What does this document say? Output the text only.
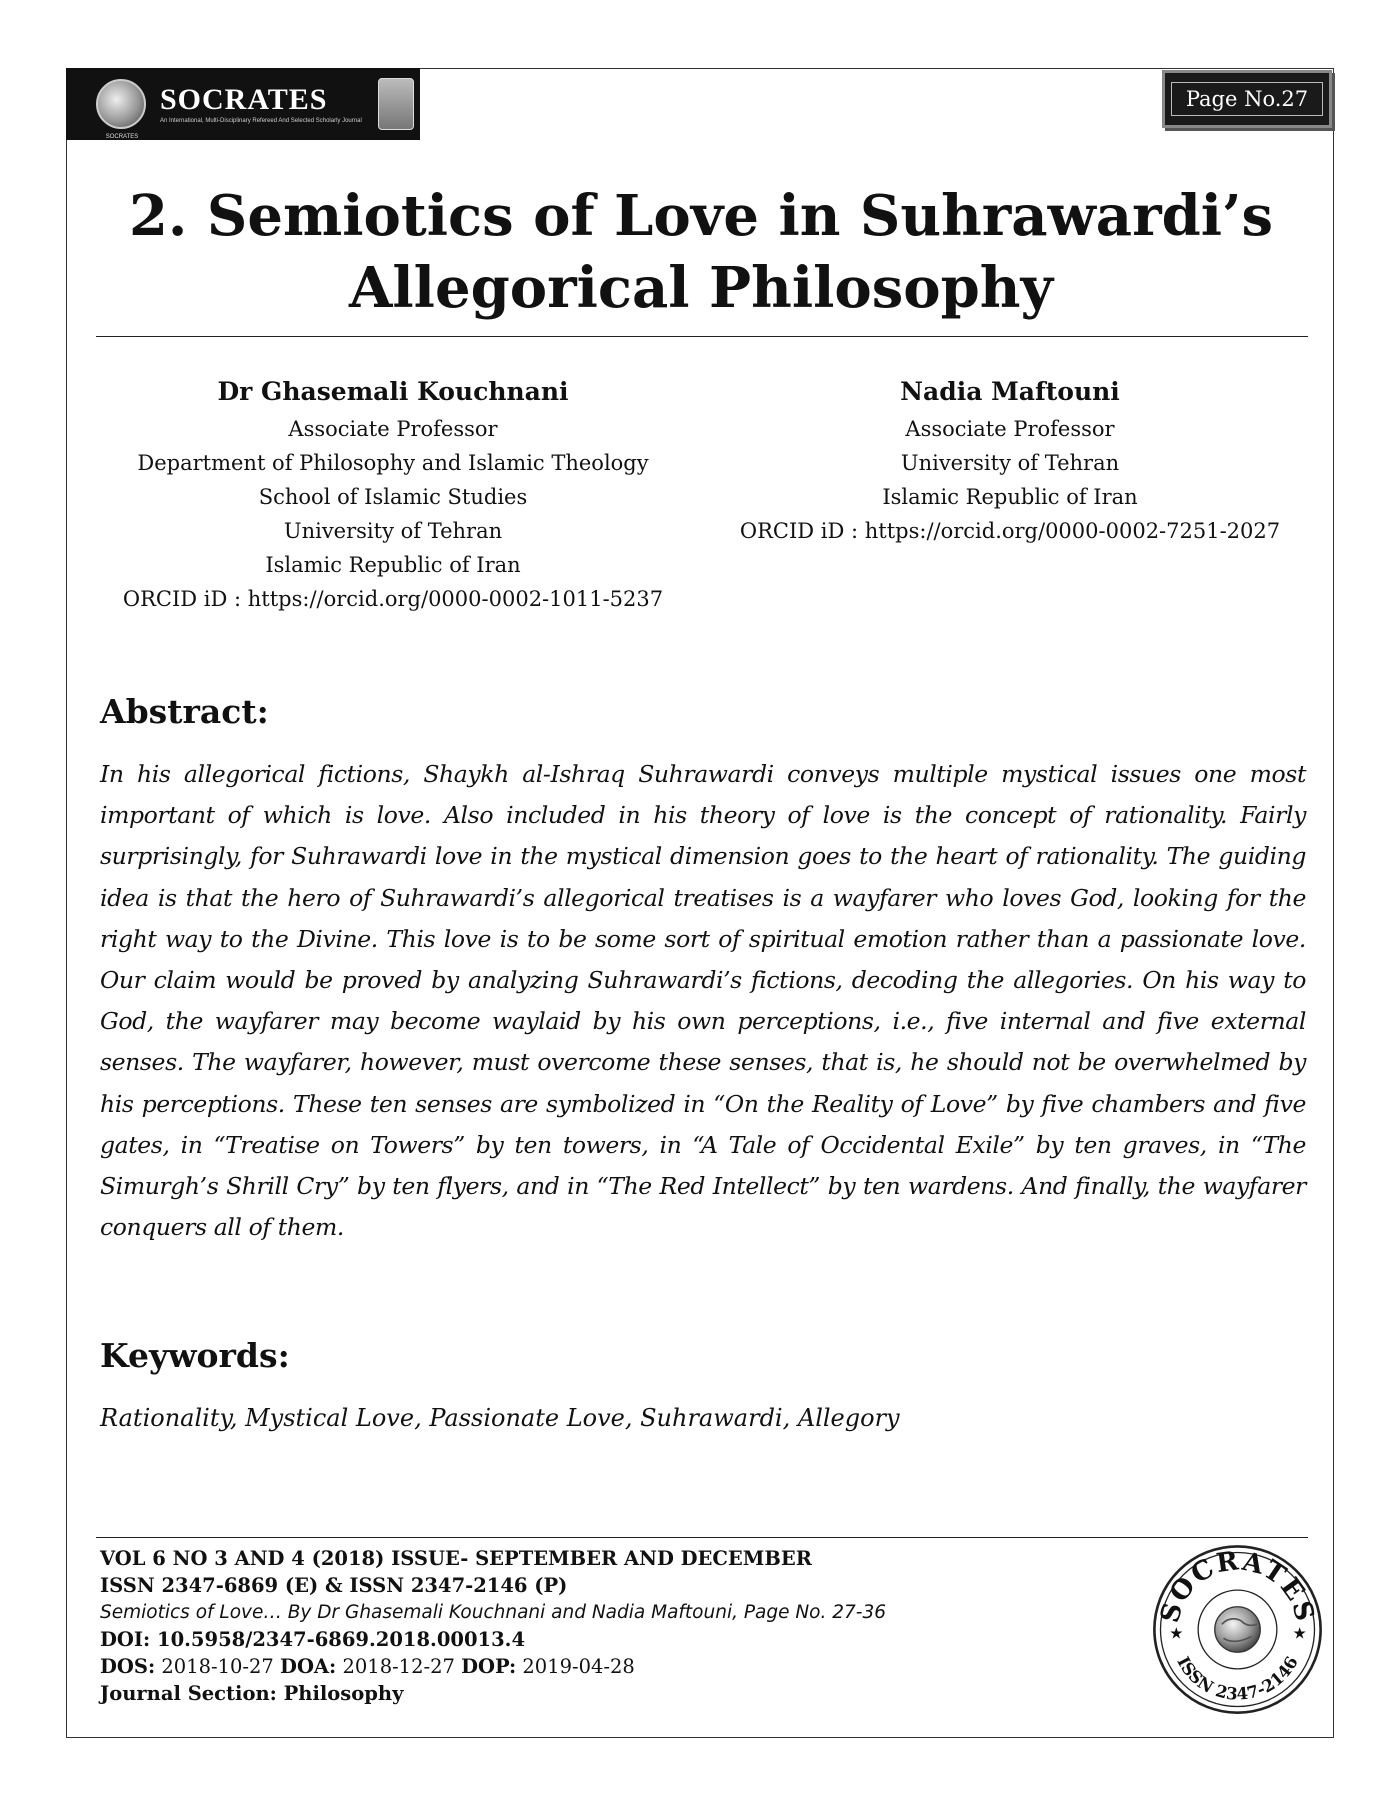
SOCRATES
SOCRATES
An International, Multi-Disciplinary Refereed And Selected Scholarly Journal
Page No.27
2. Semiotics of Love in Suhrawardi’s Allegorical Philosophy
Dr Ghasemali Kouchnani
Associate Professor
Department of Philosophy and Islamic Theology
School of Islamic Studies
University of Tehran
Islamic Republic of Iran
ORCID iD : https://orcid.org/0000-0002-1011-5237
Nadia Maftouni
Associate Professor
University of Tehran
Islamic Republic of Iran
ORCID iD : https://orcid.org/0000-0002-7251-2027
Abstract:

In his allegorical fictions, Shaykh al-Ishraq Suhrawardi conveys multiple mystical issues one most important of which is love. Also included in his theory of love is the concept of rationality. Fairly surprisingly, for Suhrawardi love in the mystical dimension goes to the heart of rationality. The guiding idea is that the hero of Suhrawardi’s allegorical treatises is a wayfarer who loves God, looking for the right way to the Divine. This love is to be some sort of spiritual emotion rather than a passionate love. Our claim would be proved by analyzing Suhrawardi’s fictions, decoding the allegories. On his way to God, the wayfarer may become waylaid by his own perceptions, i.e., five internal and five external senses. The wayfarer, however, must overcome these senses, that is, he should not be overwhelmed by his perceptions. These ten senses are symbolized in “On the Reality of Love” by five chambers and five gates, in “Treatise on Towers” by ten towers, in “A Tale of Occidental Exile” by ten graves, in “The Simurgh’s Shrill Cry” by ten flyers, and in “The Red Intellect” by ten wardens. And finally, the wayfarer conquers all of them.

Keywords:

Rationality, Mystical Love, Passionate Love, Suhrawardi, Allegory

VOL 6 NO 3 AND 4 (2018) ISSUE- SEPTEMBER AND DECEMBER
ISSN 2347-6869 (E) & ISSN 2347-2146 (P)
Semiotics of Love… By Dr Ghasemali Kouchnani and Nadia Maftouni, Page No. 27-36
DOI: 10.5958/2347-6869.2018.00013.4
DOS: 2018-10-27 DOA: 2018-12-27 DOP: 2019-04-28
Journal Section: Philosophy
SOCRATES
ISSN 2347-2146
★	★
